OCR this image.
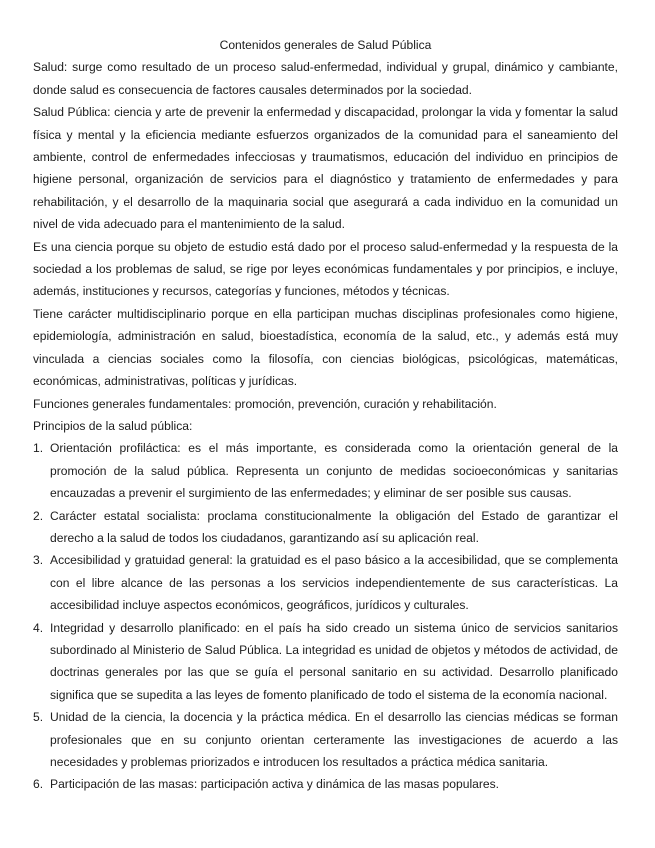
Contenidos generales de Salud Pública

Salud: surge como resultado de un proceso salud-enfermedad, individual y grupal, dinámico y cambiante, donde salud es consecuencia de factores causales determinados por la sociedad.

Salud Pública: ciencia y arte de prevenir la enfermedad y discapacidad, prolongar la vida y fomentar la salud física y mental y la eficiencia mediante esfuerzos organizados de la comunidad para el saneamiento del ambiente, control de enfermedades infecciosas y traumatismos, educación del individuo en principios de higiene personal, organización de servicios para el diagnóstico y tratamiento de enfermedades y para rehabilitación, y el desarrollo de la maquinaria social que asegurará a cada individuo en la comunidad un nivel de vida adecuado para el mantenimiento de la salud.

Es una ciencia porque su objeto de estudio está dado por el proceso salud-enfermedad y la respuesta de la sociedad a los problemas de salud, se rige por leyes económicas fundamentales y por principios, e incluye, además, instituciones y recursos, categorías y funciones, métodos y técnicas.

Tiene carácter multidisciplinario porque en ella participan muchas disciplinas profesionales como higiene, epidemiología, administración en salud, bioestadística, economía de la salud, etc., y además está muy vinculada a ciencias sociales como la filosofía, con ciencias biológicas, psicológicas, matemáticas, económicas, administrativas, políticas y jurídicas.

Funciones generales fundamentales: promoción, prevención, curación y rehabilitación.

Principios de la salud pública:

1. Orientación profiláctica: es el más importante, es considerada como la orientación general de la promoción de la salud pública. Representa un conjunto de medidas socioeconómicas y sanitarias encauzadas a prevenir el surgimiento de las enfermedades; y eliminar de ser posible sus causas.
2. Carácter estatal socialista: proclama constitucionalmente la obligación del Estado de garantizar el derecho a la salud de todos los ciudadanos, garantizando así su aplicación real.
3. Accesibilidad y gratuidad general: la gratuidad es el paso básico a la accesibilidad, que se complementa con el libre alcance de las personas a los servicios independientemente de sus características. La accesibilidad incluye aspectos económicos, geográficos, jurídicos y culturales.
4. Integridad y desarrollo planificado: en el país ha sido creado un sistema único de servicios sanitarios subordinado al Ministerio de Salud Pública. La integridad es unidad de objetos y métodos de actividad, de doctrinas generales por las que se guía el personal sanitario en su actividad. Desarrollo planificado significa que se supedita a las leyes de fomento planificado de todo el sistema de la economía nacional.
5. Unidad de la ciencia, la docencia y la práctica médica. En el desarrollo las ciencias médicas se forman profesionales que en su conjunto orientan certeramente las investigaciones de acuerdo a las necesidades y problemas priorizados e introducen los resultados a práctica médica sanitaria.
6. Participación de las masas: participación activa y dinámica de las masas populares.
